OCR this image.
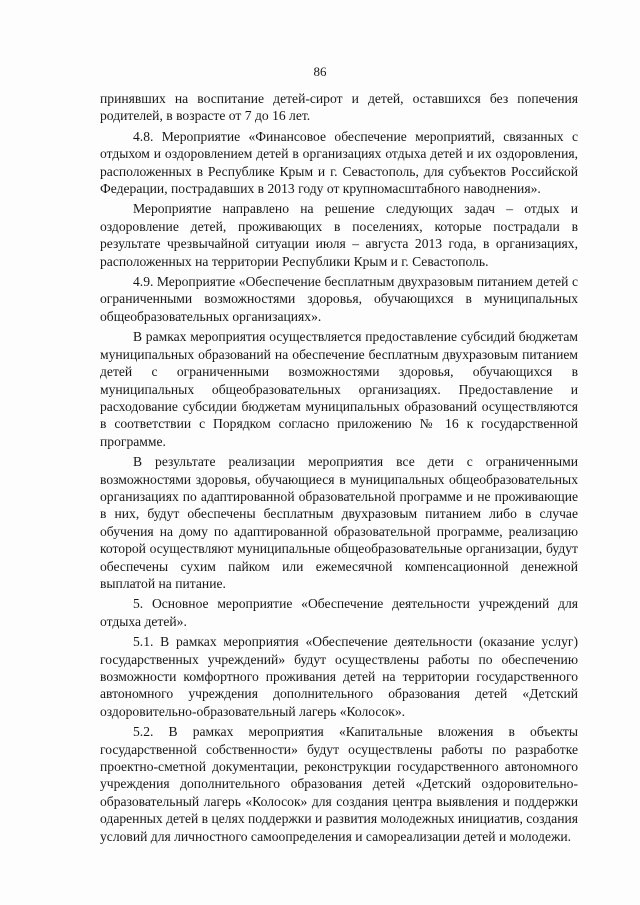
86

принявших на воспитание детей-сирот и детей, оставшихся без попечения родителей, в возрасте от 7 до 16 лет.

4.8. Мероприятие «Финансовое обеспечение мероприятий, связанных с отдыхом и оздоровлением детей в организациях отдыха детей и их оздоровления, расположенных в Республике Крым и г. Севастополь, для субъектов Российской Федерации, пострадавших в 2013 году от крупномасштабного наводнения».

Мероприятие направлено на решение следующих задач – отдых и оздоровление детей, проживающих в поселениях, которые пострадали в результате чрезвычайной ситуации июля – августа 2013 года, в организациях, расположенных на территории Республики Крым и г. Севастополь.

4.9. Мероприятие «Обеспечение бесплатным двухразовым питанием детей с ограниченными возможностями здоровья, обучающихся в муниципальных общеобразовательных организациях».

В рамках мероприятия осуществляется предоставление субсидий бюджетам муниципальных образований на обеспечение бесплатным двухразовым питанием детей с ограниченными возможностями здоровья, обучающихся в муниципальных общеобразовательных организациях. Предоставление и расходование субсидии бюджетам муниципальных образований осуществляются в соответствии с Порядком согласно приложению № 16 к государственной программе.

В результате реализации мероприятия все дети с ограниченными возможностями здоровья, обучающиеся в муниципальных общеобразовательных организациях по адаптированной образовательной программе и не проживающие в них, будут обеспечены бесплатным двухразовым питанием либо в случае обучения на дому по адаптированной образовательной программе, реализацию которой осуществляют муниципальные общеобразовательные организации, будут обеспечены сухим пайком или ежемесячной компенсационной денежной выплатой на питание.

5. Основное мероприятие «Обеспечение деятельности учреждений для отдыха детей».

5.1. В рамках мероприятия «Обеспечение деятельности (оказание услуг) государственных учреждений» будут осуществлены работы по обеспечению возможности комфортного проживания детей на территории государственного автономного учреждения дополнительного образования детей «Детский оздоровительно-образовательный лагерь «Колосок».

5.2. В рамках мероприятия «Капитальные вложения в объекты государственной собственности» будут осуществлены работы по разработке проектно-сметной документации, реконструкции государственного автономного учреждения дополнительного образования детей «Детский оздоровительно-образовательный лагерь «Колосок» для создания центра выявления и поддержки одаренных детей в целях поддержки и развития молодежных инициатив, создания условий для личностного самоопределения и самореализации детей и молодежи.
